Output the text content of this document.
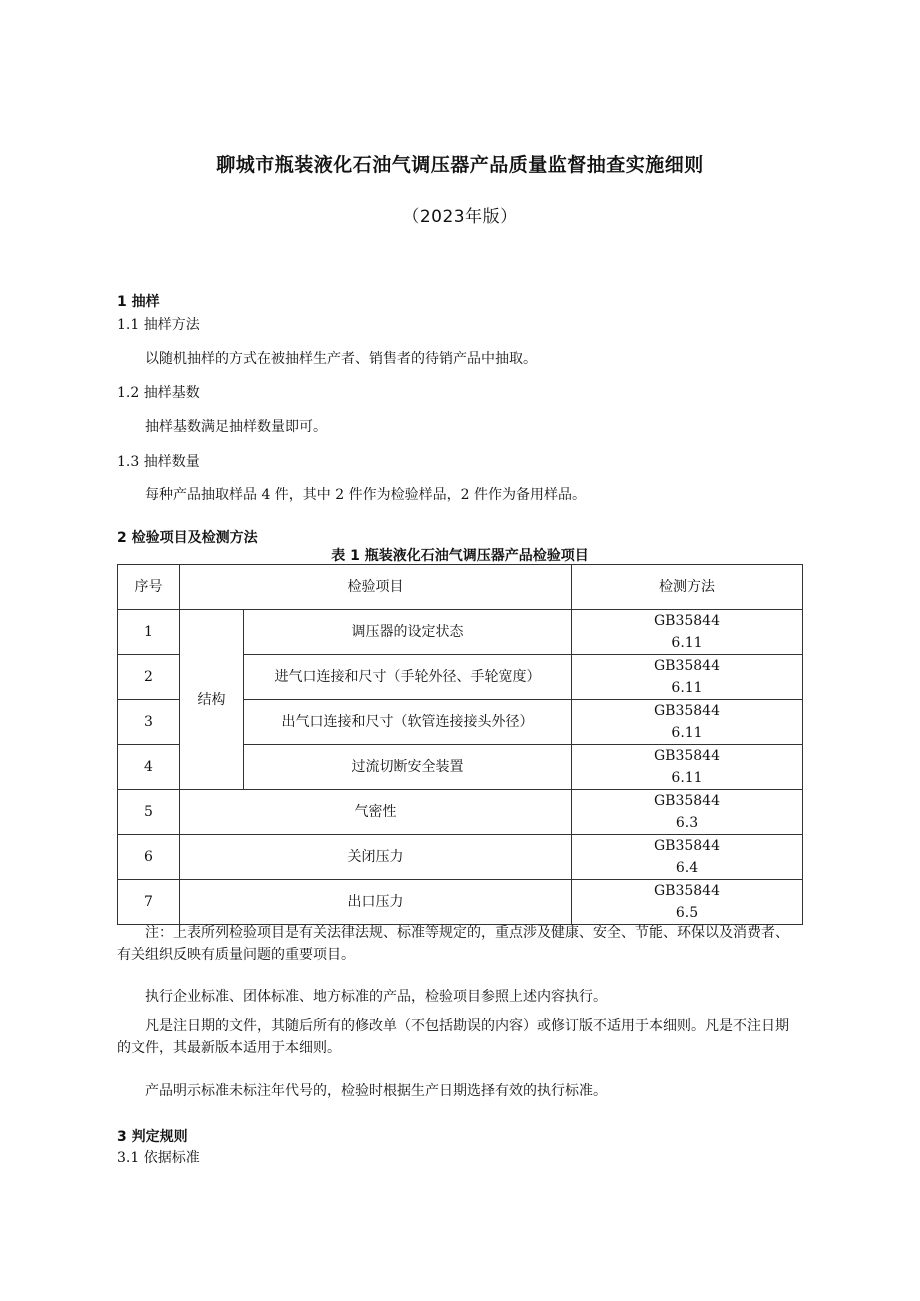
聊城市瓶装液化石油气调压器产品质量监督抽查实施细则
（2023年版）
1 抽样
1.1 抽样方法
以随机抽样的方式在被抽样生产者、销售者的待销产品中抽取。
1.2 抽样基数
抽样基数满足抽样数量即可。
1.3 抽样数量
每种产品抽取样品 4 件，其中 2 件作为检验样品，2 件作为备用样品。
2 检验项目及检测方法
表 1 瓶装液化石油气调压器产品检验项目
序号	检验项目		检测方法
1	结构	调压器的设定状态	GB35844
6.11

2		进气口连接和尺寸（手轮外径、手轮宽度）	GB35844
6.11

3		出气口连接和尺寸（软管连接接头外径）	GB35844
6.11

4		过流切断安全装置	GB35844
6.11

5	气密性		GB35844
6.3

6	关闭压力		GB35844
6.4

7	出口压力		GB35844
6.5
注：上表所列检验项目是有关法律法规、标准等规定的，重点涉及健康、安全、节能、环保以及消费者、有关组织反映有质量问题的重要项目。
执行企业标准、团体标准、地方标准的产品，检验项目参照上述内容执行。
凡是注日期的文件，其随后所有的修改单（不包括勘误的内容）或修订版不适用于本细则。凡是不注日期的文件，其最新版本适用于本细则。
产品明示标准未标注年代号的，检验时根据生产日期选择有效的执行标准。
3 判定规则
3.1 依据标准
